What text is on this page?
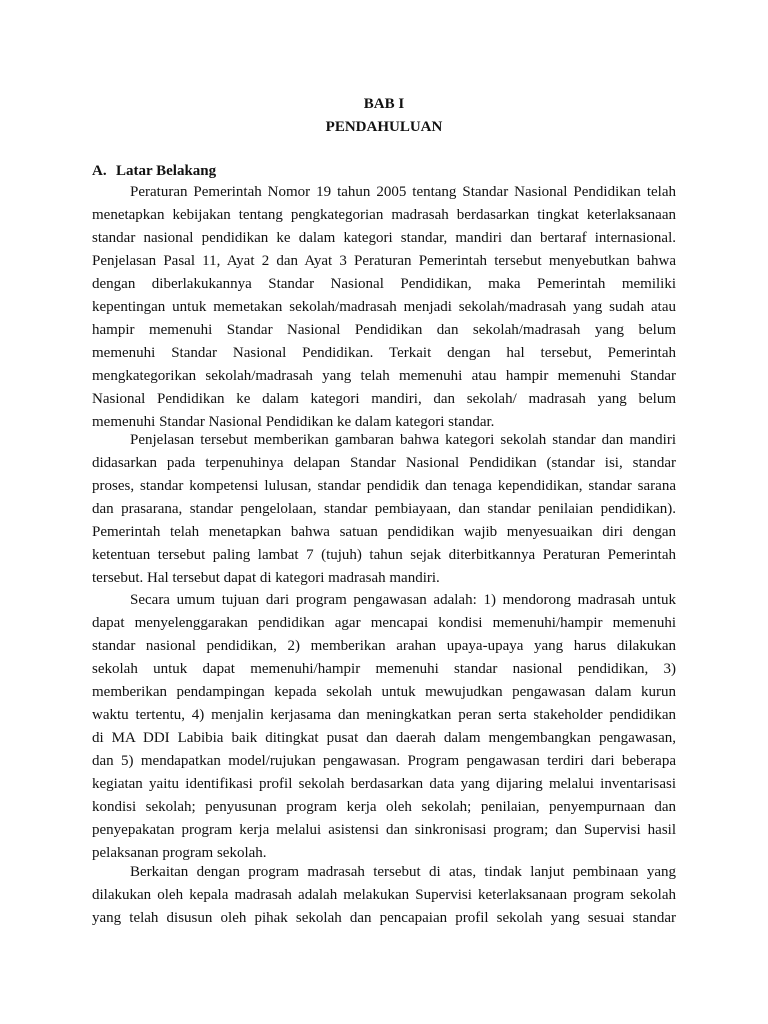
BAB I
PENDAHULUAN
A. Latar Belakang
Peraturan Pemerintah Nomor 19 tahun 2005 tentang Standar Nasional Pendidikan telah
menetapkan kebijakan tentang pengkategorian madrasah berdasarkan tingkat keterlaksanaan
standar nasional pendidikan ke dalam kategori standar, mandiri dan bertaraf internasional.
Penjelasan Pasal 11, Ayat 2 dan Ayat 3 Peraturan Pemerintah tersebut menyebutkan bahwa
dengan diberlakukannya Standar Nasional Pendidikan, maka Pemerintah memiliki
kepentingan untuk memetakan sekolah/madrasah menjadi sekolah/madrasah yang sudah atau
hampir memenuhi Standar Nasional Pendidikan dan sekolah/madrasah yang belum
memenuhi Standar Nasional Pendidikan. Terkait dengan hal tersebut, Pemerintah
mengkategorikan sekolah/madrasah yang telah memenuhi atau hampir memenuhi Standar
Nasional Pendidikan ke dalam kategori mandiri, dan sekolah/ madrasah yang belum
memenuhi Standar Nasional Pendidikan ke dalam kategori standar.
Penjelasan tersebut memberikan gambaran bahwa kategori sekolah standar dan mandiri
didasarkan pada terpenuhinya delapan Standar Nasional Pendidikan (standar isi, standar
proses, standar kompetensi lulusan, standar pendidik dan tenaga kependidikan, standar sarana
dan prasarana, standar pengelolaan, standar pembiayaan, dan standar penilaian pendidikan).
Pemerintah telah menetapkan bahwa satuan pendidikan wajib menyesuaikan diri dengan
ketentuan tersebut paling lambat 7 (tujuh) tahun sejak diterbitkannya Peraturan Pemerintah
tersebut. Hal tersebut dapat di kategori madrasah mandiri.
Secara umum tujuan dari program pengawasan adalah: 1) mendorong madrasah untuk
dapat menyelenggarakan pendidikan agar mencapai kondisi memenuhi/hampir memenuhi
standar nasional pendidikan, 2) memberikan arahan upaya-upaya yang harus dilakukan
sekolah untuk dapat memenuhi/hampir memenuhi standar nasional pendidikan, 3)
memberikan pendampingan kepada sekolah untuk mewujudkan pengawasan dalam kurun
waktu tertentu, 4) menjalin kerjasama dan meningkatkan peran serta stakeholder pendidikan
di MA DDI Labibia baik ditingkat pusat dan daerah dalam mengembangkan pengawasan,
dan 5) mendapatkan model/rujukan pengawasan. Program pengawasan terdiri dari beberapa
kegiatan yaitu identifikasi profil sekolah berdasarkan data yang dijaring melalui inventarisasi
kondisi sekolah; penyusunan program kerja oleh sekolah; penilaian, penyempurnaan dan
penyepakatan program kerja melalui asistensi dan sinkronisasi program; dan Supervisi hasil
pelaksanan program sekolah.
Berkaitan dengan program madrasah tersebut di atas, tindak lanjut pembinaan yang
dilakukan oleh kepala madrasah adalah melakukan Supervisi keterlaksanaan program sekolah
yang telah disusun oleh pihak sekolah dan pencapaian profil sekolah yang sesuai standar
